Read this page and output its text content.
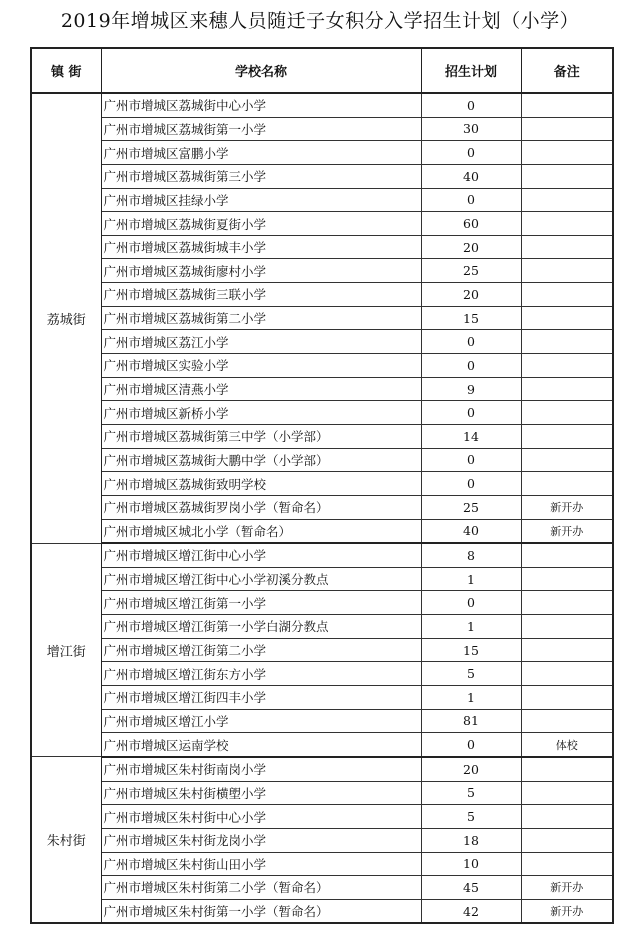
2019年增城区来穗人员随迁子女积分入学招生计划（小学）
镇 街	学校名称	招生计划	备注
荔城街	广州市增城区荔城街中心小学	0	
	广州市增城区荔城街第一小学	30	
	广州市增城区富鹏小学	0	
	广州市增城区荔城街第三小学	40	
	广州市增城区挂绿小学	0	
	广州市增城区荔城街夏街小学	60	
	广州市增城区荔城街城丰小学	20	
	广州市增城区荔城街廖村小学	25	
	广州市增城区荔城街三联小学	20	
	广州市增城区荔城街第二小学	15	
	广州市增城区荔江小学	0	
	广州市增城区实验小学	0	
	广州市增城区清燕小学	9	
	广州市增城区新桥小学	0	
	广州市增城区荔城街第三中学（小学部）	14	
	广州市增城区荔城街大鹏中学（小学部）	0	
	广州市增城区荔城街致明学校	0	
	广州市增城区荔城街罗岗小学（暂命名）	25	新开办
	广州市增城区城北小学（暂命名）	40	新开办
增江街	广州市增城区增江街中心小学	8	
	广州市增城区增江街中心小学初溪分教点	1	
	广州市增城区增江街第一小学	0	
	广州市增城区增江街第一小学白湖分教点	1	
	广州市增城区增江街第二小学	15	
	广州市增城区增江街东方小学	5	
	广州市增城区增江街四丰小学	1	
	广州市增城区增江小学	81	
	广州市增城区运南学校	0	体校
朱村街	广州市增城区朱村街南岗小学	20	
	广州市增城区朱村街横塱小学	5	
	广州市增城区朱村街中心小学	5	
	广州市增城区朱村街龙岗小学	18	
	广州市增城区朱村街山田小学	10	
	广州市增城区朱村街第二小学（暂命名）	45	新开办
	广州市增城区朱村街第一小学（暂命名）	42	新开办
